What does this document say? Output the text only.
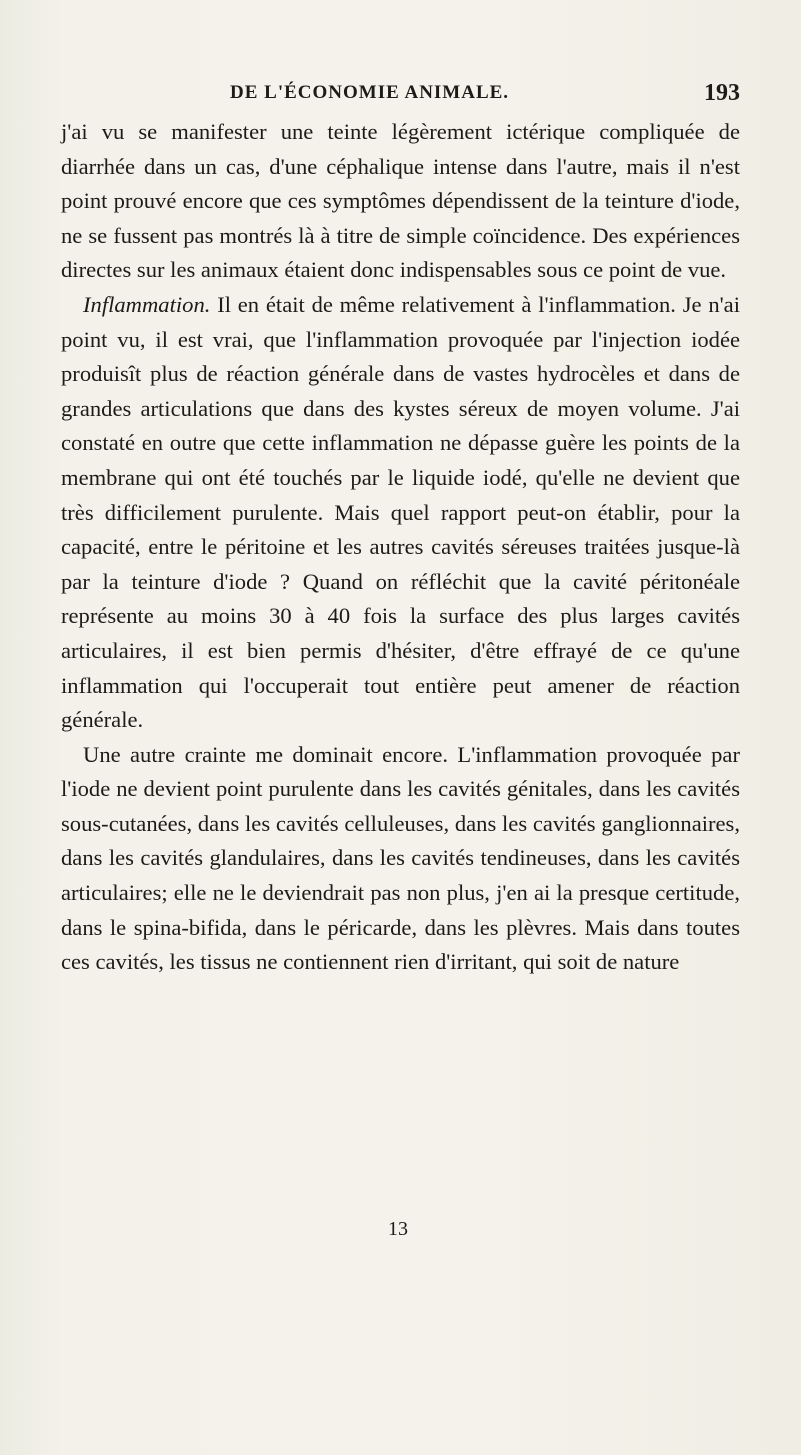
DE L'ÉCONOMIE ANIMALE.	193

j'ai vu se manifester une teinte légèrement ictérique compliquée de diarrhée dans un cas, d'une céphalique intense dans l'autre, mais il n'est point prouvé encore que ces symptômes dépendissent de la teinture d'iode, ne se fussent pas montrés là à titre de simple coïncidence. Des expériences directes sur les animaux étaient donc indispensables sous ce point de vue.

Inflammation. Il en était de même relativement à l'inflammation. Je n'ai point vu, il est vrai, que l'inflammation provoquée par l'injection iodée produisît plus de réaction générale dans de vastes hydrocèles et dans de grandes articulations que dans des kystes séreux de moyen volume. J'ai constaté en outre que cette inflammation ne dépasse guère les points de la membrane qui ont été touchés par le liquide iodé, qu'elle ne devient que très difficilement purulente. Mais quel rapport peut-on établir, pour la capacité, entre le péritoine et les autres cavités séreuses traitées jusque-là par la teinture d'iode ? Quand on réfléchit que la cavité péritonéale représente au moins 30 à 40 fois la surface des plus larges cavités articulaires, il est bien permis d'hésiter, d'être effrayé de ce qu'une inflammation qui l'occuperait tout entière peut amener de réaction générale.

Une autre crainte me dominait encore. L'inflammation provoquée par l'iode ne devient point purulente dans les cavités génitales, dans les cavités sous-cutanées, dans les cavités celluleuses, dans les cavités ganglionnaires, dans les cavités glandulaires, dans les cavités tendineuses, dans les cavités articulaires; elle ne le deviendrait pas non plus, j'en ai la presque certitude, dans le spina-bifida, dans le péricarde, dans les plèvres. Mais dans toutes ces cavités, les tissus ne contiennent rien d'irritant, qui soit de nature

13
